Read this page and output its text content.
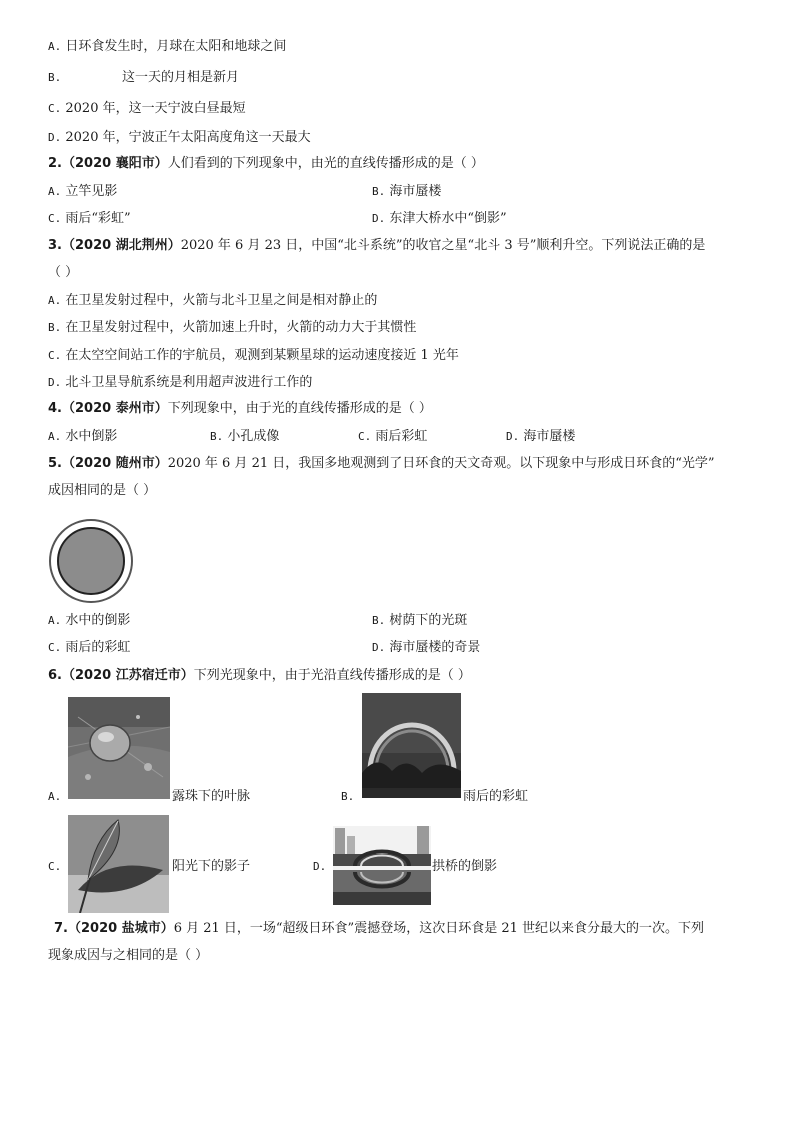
A. 日环食发生时，月球在太阳和地球之间
B.	这一天的月相是新月
C. 2020 年，这一天宁波白昼最短
D. 2020 年，宁波正午太阳高度角这一天最大
2.（2020 襄阳市）人们看到的下列现象中，由光的直线传播形成的是（ ）
A. 立竿见影	B. 海市蜃楼
C. 雨后“彩虹”	D. 东津大桥水中“倒影”
3.（2020 湖北荆州）2020 年 6 月 23 日，中国“北斗系统”的收官之星“北斗 3 号”顺利升空。下列说法正确的是
（ ）
A. 在卫星发射过程中，火箭与北斗卫星之间是相对静止的
B. 在卫星发射过程中，火箭加速上升时，火箭的动力大于其惯性
C. 在太空空间站工作的宇航员，观测到某颗星球的运动速度接近 1 光年
D. 北斗卫星导航系统是利用超声波进行工作的
4.（2020 泰州市）下列现象中，由于光的直线传播形成的是（ ）
A. 水中倒影	B. 小孔成像	C. 雨后彩虹	D. 海市蜃楼
5.（2020 随州市）2020 年 6 月 21 日，我国多地观测到了日环食的天文奇观。以下现象中与形成日环食的“光学”
成因相同的是（ ）
A. 水中的倒影	B. 树荫下的光斑
C. 雨后的彩虹	D. 海市蜃楼的奇景
6.（2020 江苏宿迁市）下列光现象中，由于光沿直线传播形成的是（ ）
A.	露珠下的叶脉	B.	雨后的彩虹
C.	阳光下的影子	D.	拱桥的倒影
7.（2020 盐城市）6 月 21 日，一场“超级日环食”震撼登场，这次日环食是 21 世纪以来食分最大的一次。下列
现象成因与之相同的是（ ）
